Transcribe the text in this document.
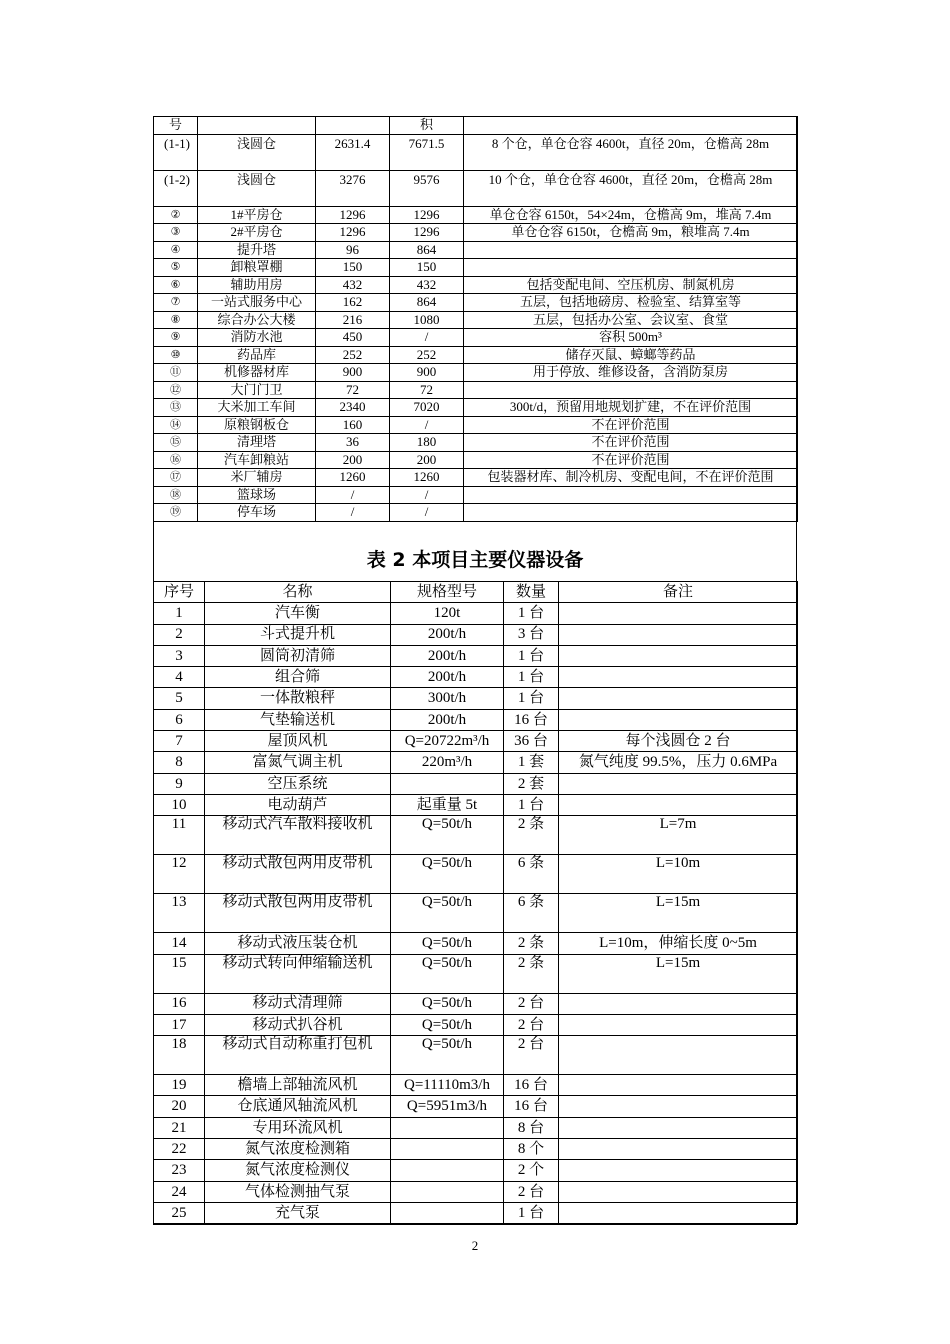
号			积	
(1-1)	浅圆仓	2631.4	7671.5	8 个仓，单仓仓容 4600t，直径 20m，仓檐高 28m
(1-2)	浅圆仓	3276	9576	10 个仓，单仓仓容 4600t，直径 20m，仓檐高 28m
②	1#平房仓	1296	1296	单仓仓容 6150t，54×24m，仓檐高 9m，堆高 7.4m
③	2#平房仓	1296	1296	单仓仓容 6150t，仓檐高 9m，粮堆高 7.4m
④	提升塔	96	864	
⑤	卸粮罩棚	150	150	
⑥	辅助用房	432	432	包括变配电间、空压机房、制氮机房
⑦	一站式服务中心	162	864	五层，包括地磅房、检验室、结算室等
⑧	综合办公大楼	216	1080	五层，包括办公室、会议室、食堂
⑨	消防水池	450	/	容积 500m³
⑩	药品库	252	252	储存灭鼠、蟑螂等药品
⑪	机修器材库	900	900	用于停放、维修设备，含消防泵房
⑫	大门门卫	72	72	
⑬	大米加工车间	2340	7020	300t/d，预留用地规划扩建，不在评价范围
⑭	原粮钢板仓	160	/	不在评价范围
⑮	清理塔	36	180	不在评价范围
⑯	汽车卸粮站	200	200	不在评价范围
⑰	米厂辅房	1260	1260	包装器材库、制冷机房、变配电间，不在评价范围
⑱	篮球场	/	/	
⑲	停车场	/	/	
表 2 本项目主要仪器设备
序号	名称	规格型号	数量	备注
1	汽车衡	120t	1 台	
2	斗式提升机	200t/h	3 台	
3	圆筒初清筛	200t/h	1 台	
4	组合筛	200t/h	1 台	
5	一体散粮秤	300t/h	1 台	
6	气垫输送机	200t/h	16 台	
7	屋顶风机	Q=20722m³/h	36 台	每个浅圆仓 2 台
8	富氮气调主机	220m³/h	1 套	氮气纯度 99.5%，压力 0.6MPa
9	空压系统		2 套	
10	电动葫芦	起重量 5t	1 台	
11	移动式汽车散料接收机	Q=50t/h	2 条	L=7m
12	移动式散包两用皮带机	Q=50t/h	6 条	L=10m
13	移动式散包两用皮带机	Q=50t/h	6 条	L=15m
14	移动式液压装仓机	Q=50t/h	2 条	L=10m，伸缩长度 0~5m
15	移动式转向伸缩输送机	Q=50t/h	2 条	L=15m
16	移动式清理筛	Q=50t/h	2 台	
17	移动式扒谷机	Q=50t/h	2 台	
18	移动式自动称重打包机	Q=50t/h	2 台	
19	檐墙上部轴流风机	Q=11110m3/h	16 台	
20	仓底通风轴流风机	Q=5951m3/h	16 台	
21	专用环流风机		8 台	
22	氮气浓度检测箱		8 个	
23	氮气浓度检测仪		2 个	
24	气体检测抽气泵		2 台	
25	充气泵		1 台	
2
